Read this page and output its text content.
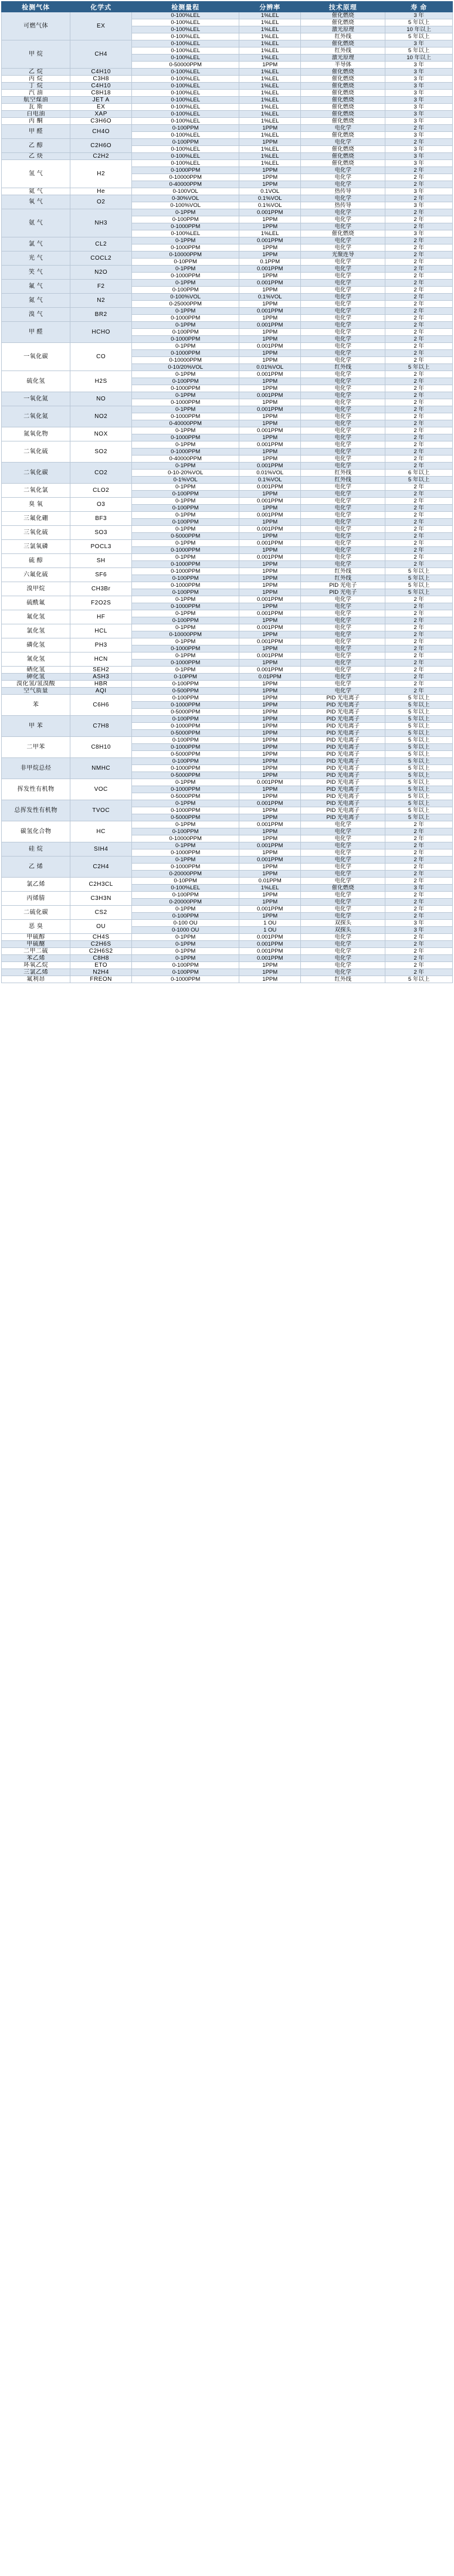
检测气体	化学式	检测量程	分辨率	技术原理	寿 命
可燃气体	EX	0-100%LEL	1%LEL	催化燃烧	3 年
		0-100%LEL	1%LEL	催化燃烧	5 年以上
		0-100%LEL	1%LEL	激光原理	10 年以上
		0-100%LEL	1%LEL	红外线	5 年以上
甲 烷	CH4	0-100%LEL	1%LEL	催化燃烧	3 年
		0-100%LEL	1%LEL	红外线	5 年以上
		0-100%LEL	1%LEL	激光原理	10 年以上
		0-50000PPM	1PPM	半导体	3 年
乙 烷	C4H10	0-100%LEL	1%LEL	催化燃烧	3 年
丙 烷	C3H8	0-100%LEL	1%LEL	催化燃烧	3 年
丁 烷	C4H10	0-100%LEL	1%LEL	催化燃烧	3 年
汽 油	C8H18	0-100%LEL	1%LEL	催化燃烧	3 年
航空煤油	JET A	0-100%LEL	1%LEL	催化燃烧	3 年
瓦 斯	EX	0-100%LEL	1%LEL	催化燃烧	3 年
白电油	XAP	0-100%LEL	1%LEL	催化燃烧	3 年
丙 酮	C3H6O	0-100%LEL	1%LEL	催化燃烧	3 年
甲 醛	CH4O	0-100PPM	1PPM	电化学	2 年
		0-100%LEL	1%LEL	催化燃烧	3 年
乙 醇	C2H6O	0-100PPM	1PPM	电化学	2 年
		0-100%LEL	1%LEL	催化燃烧	3 年
乙 炔	C2H2	0-100%LEL	1%LEL	催化燃烧	3 年
氢 气	H2	0-100%LEL	1%LEL	催化燃烧	3 年
		0-1000PPM	1PPM	电化学	2 年
		0-10000PPM	1PPM	电化学	2 年
		0-40000PPM	1PPM	电化学	2 年
氦 气	He	0-100VOL	0.1VOL	热传导	3 年
氧 气	O2	0-30%VOL	0.1%VOL	电化学	2 年
		0-100%VOL	0.1%VOL	热传导	3 年
氨 气	NH3	0-1PPM	0.001PPM	电化学	2 年
		0-100PPM	1PPM	电化学	2 年
		0-1000PPM	1PPM	电化学	2 年
		0-100%LEL	1%LEL	催化燃烧	3 年
氯 气	CL2	0-1PPM	0.001PPM	电化学	2 年
		0-1000PPM	1PPM	电化学	2 年
光 气	COCL2	0-10000PPM	1PPM	光聚连导	2 年
		0-10PPM	0.1PPM	电化学	2 年
笑 气	N2O	0-1PPM	0.001PPM	电化学	2 年
		0-1000PPM	1PPM	电化学	2 年
氟 气	F2	0-1PPM	0.001PPM	电化学	2 年
		0-100PPM	1PPM	电化学	2 年
氮 气	N2	0-100%VOL	0.1%VOL	电化学	2 年
		0-25000PPM	1PPM	电化学	2 年
溴 气	BR2	0-1PPM	0.001PPM	电化学	2 年
		0-1000PPM	1PPM	电化学	2 年
甲 醛	HCHO	0-1PPM	0.001PPM	电化学	2 年
		0-100PPM	1PPM	电化学	2 年
		0-1000PPM	1PPM	电化学	2 年
一氧化碳	CO	0-1PPM	0.001PPM	电化学	2 年
		0-1000PPM	1PPM	电化学	2 年
		0-10000PPM	1PPM	电化学	2 年
		0-10/20%VOL	0.01%VOL	红外线	5 年以上
硫化氢	H2S	0-1PPM	0.001PPM	电化学	2 年
		0-100PPM	1PPM	电化学	2 年
		0-1000PPM	1PPM	电化学	2 年
一氧化氮	NO	0-1PPM	0.001PPM	电化学	2 年
		0-1000PPM	1PPM	电化学	2 年
二氧化氮	NO2	0-1PPM	0.001PPM	电化学	2 年
		0-1000PPM	1PPM	电化学	2 年
		0-40000PPM	1PPM	电化学	2 年
氮氧化物	NOX	0-1PPM	0.001PPM	电化学	2 年
		0-1000PPM	1PPM	电化学	2 年
二氧化硫	SO2	0-1PPM	0.001PPM	电化学	2 年
		0-1000PPM	1PPM	电化学	2 年
		0-40000PPM	1PPM	电化学	2 年
二氧化碳	CO2	0-1PPM	0.001PPM	电化学	2 年
		0-10-20%VOL	0.01%VOL	红外线	6 年以上
		0-1%VOL	0.1%VOL	红外线	5 年以上
二氧化氯	CLO2	0-1PPM	0.001PPM	电化学	2 年
		0-100PPM	1PPM	电化学	2 年
臭 氧	O3	0-1PPM	0.001PPM	电化学	2 年
		0-100PPM	1PPM	电化学	2 年
三氟化硼	BF3	0-1PPM	0.001PPM	电化学	2 年
		0-100PPM	1PPM	电化学	2 年
三氧化硫	SO3	0-1PPM	0.001PPM	电化学	2 年
		0-5000PPM	1PPM	电化学	2 年
三氯氧磷	POCL3	0-1PPM	0.001PPM	电化学	2 年
		0-1000PPM	1PPM	电化学	2 年
硫 醇	SH	0-1PPM	0.001PPM	电化学	2 年
		0-1000PPM	1PPM	电化学	2 年
六氟化硫	SF6	0-1000PPM	1PPM	红外线	5 年以上
		0-100PPM	1PPM	红外线	5 年以上
溴甲烷	CH3Br	0-1000PPM	1PPM	PID 光电子	5 年以上
		0-100PPM	1PPM	PID 光电子	5 年以上
硫酰氟	F2O2S	0-1PPM	0.001PPM	电化学	2 年
		0-1000PPM	1PPM	电化学	2 年
氟化氢	HF	0-1PPM	0.001PPM	电化学	2 年
		0-100PPM	1PPM	电化学	2 年
氯化氢	HCL	0-1PPM	0.001PPM	电化学	2 年
		0-10000PPM	1PPM	电化学	2 年
磷化氢	PH3	0-1PPM	0.001PPM	电化学	2 年
		0-1000PPM	1PPM	电化学	2 年
氰化氢	HCN	0-1PPM	0.001PPM	电化学	2 年
		0-1000PPM	1PPM	电化学	2 年
硒化氢	SEH2	0-1PPM	0.001PPM	电化学	2 年
砷化氢	ASH3	0-10PPM	0.01PPM	电化学	2 年
溴化氢/氢溴酸	HBR	0-100PPM	1PPM	电化学	2 年
空气质量	AQI	0-500PPM	1PPM	电化学	2 年
苯	C6H6	0-100PPM	1PPM	PID 光电离子	5 年以上
		0-1000PPM	1PPM	PID 光电离子	5 年以上
		0-5000PPM	1PPM	PID 光电离子	5 年以上
甲 苯	C7H8	0-100PPM	1PPM	PID 光电离子	5 年以上
		0-1000PPM	1PPM	PID 光电离子	5 年以上
		0-5000PPM	1PPM	PID 光电离子	5 年以上
二甲苯	C8H10	0-100PPM	1PPM	PID 光电离子	5 年以上
		0-1000PPM	1PPM	PID 光电离子	5 年以上
		0-5000PPM	1PPM	PID 光电离子	5 年以上
非甲烷总烃	NMHC	0-100PPM	1PPM	PID 光电离子	5 年以上
		0-1000PPM	1PPM	PID 光电离子	5 年以上
		0-5000PPM	1PPM	PID 光电离子	5 年以上
挥发性有机物	VOC	0-1PPM	0.001PPM	PID 光电离子	5 年以上
		0-1000PPM	1PPM	PID 光电离子	5 年以上
		0-5000PPM	1PPM	PID 光电离子	5 年以上
总挥发性有机物	TVOC	0-1PPM	0.001PPM	PID 光电离子	5 年以上
		0-1000PPM	1PPM	PID 光电离子	5 年以上
		0-5000PPM	1PPM	PID 光电离子	5 年以上
碳氢化合物	HC	0-1PPM	0.001PPM	电化学	2 年
		0-100PPM	1PPM	电化学	2 年
		0-10000PPM	1PPM	电化学	2 年
硅 烷	SIH4	0-1PPM	0.001PPM	电化学	2 年
		0-1000PPM	1PPM	电化学	2 年
乙 烯	C2H4	0-1PPM	0.001PPM	电化学	2 年
		0-1000PPM	1PPM	电化学	2 年
		0-20000PPM	1PPM	电化学	2 年
氯乙烯	C2H3CL	0-10PPM	0.01PPM	电化学	2 年
		0-100%LEL	1%LEL	催化燃烧	3 年
丙烯腈	C3H3N	0-100PPM	1PPM	电化学	2 年
		0-20000PPM	1PPM	电化学	2 年
二硫化碳	CS2	0-1PPM	0.001PPM	电化学	2 年
		0-100PPM	1PPM	电化学	2 年
恶 臭	OU	0-100 OU	1 OU	双探头	3 年
		0-1000 OU	1 OU	双探头	3 年
甲硫醇	CH4S	0-1PPM	0.001PPM	电化学	2 年
甲硫醚	C2H6S	0-1PPM	0.001PPM	电化学	2 年
二甲二硫	C2H6S2	0-1PPM	0.001PPM	电化学	2 年
苯乙烯	C8H8	0-1PPM	0.001PPM	电化学	2 年
环氧乙烷	ETO	0-100PPM	1PPM	电化学	2 年
三氯乙烯	N2H4	0-100PPM	1PPM	电化学	2 年
氟利昂	FREON	0-1000PPM	1PPM	红外线	5 年以上
